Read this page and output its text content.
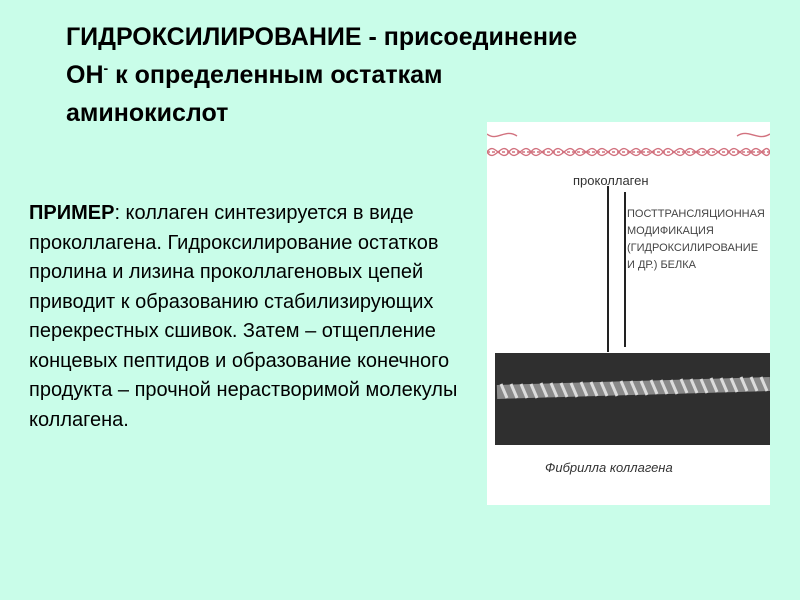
ГИДРОКСИЛИРОВАНИЕ - присоединение
ОН- к определенным остаткам
аминокислот
ПРИМЕР: коллаген синтезируется в виде проколлагена. Гидроксилирование остатков пролина и лизина проколлагеновых цепей приводит к образованию стабилизирующих перекрестных сшивок. Затем – отщепление концевых пептидов и образование конечного продукта – прочной нерастворимой молекулы коллагена.
проколлаген
ПОСТТРАНСЛЯЦИОННАЯ МОДИФИКАЦИЯ (ГИДРОКСИЛИРОВАНИЕ И ДР.) БЕЛКА
Фибрилла коллагена
